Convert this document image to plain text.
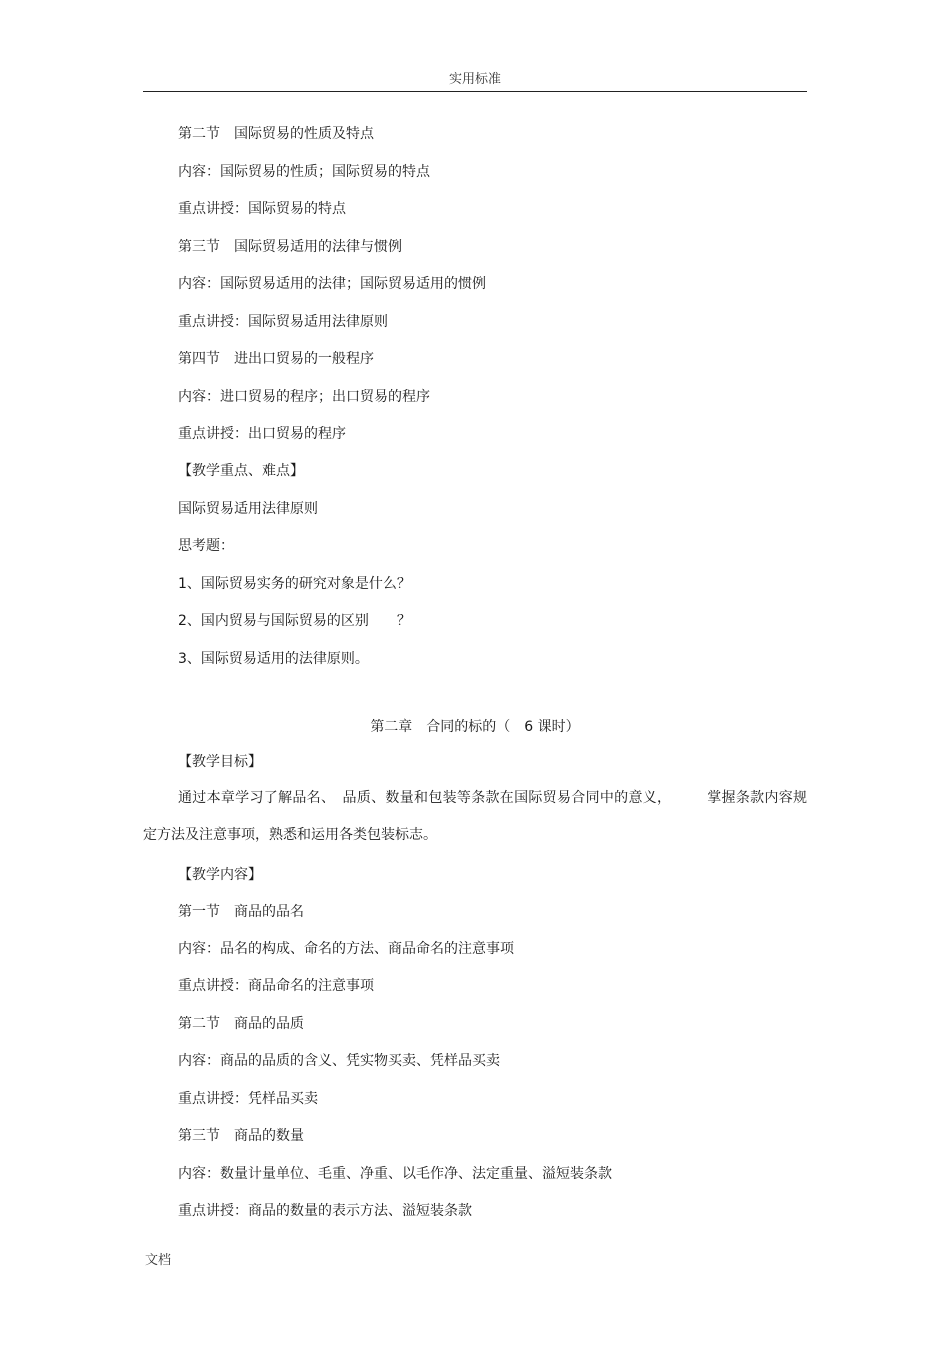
实用标准
第二节　国际贸易的性质及特点
内容：国际贸易的性质；国际贸易的特点
重点讲授：国际贸易的特点
第三节　国际贸易适用的法律与惯例
内容：国际贸易适用的法律；国际贸易适用的惯例
重点讲授：国际贸易适用法律原则
第四节　进出口贸易的一般程序
内容：进口贸易的程序；出口贸易的程序
重点讲授：出口贸易的程序
【教学重点、难点】
国际贸易适用法律原则
思考题：
1、国际贸易实务的研究对象是什么？
2、国内贸易与国际贸易的区别　　？
3、国际贸易适用的法律原则。
第二章　合同的标的（　6 课时）
【教学目标】
通过本章学习了解品名、　品质、数量和包装等条款在国际贸易合同中的意义，　　　掌握条款内容规定方法及注意事项，熟悉和运用各类包装标志。
【教学内容】
第一节　商品的品名
内容：品名的构成、命名的方法、商品命名的注意事项
重点讲授：商品命名的注意事项
第二节　商品的品质
内容：商品的品质的含义、凭实物买卖、凭样品买卖
重点讲授：凭样品买卖
第三节　商品的数量
内容：数量计量单位、毛重、净重、以毛作净、法定重量、溢短装条款
重点讲授：商品的数量的表示方法、溢短装条款
文档
